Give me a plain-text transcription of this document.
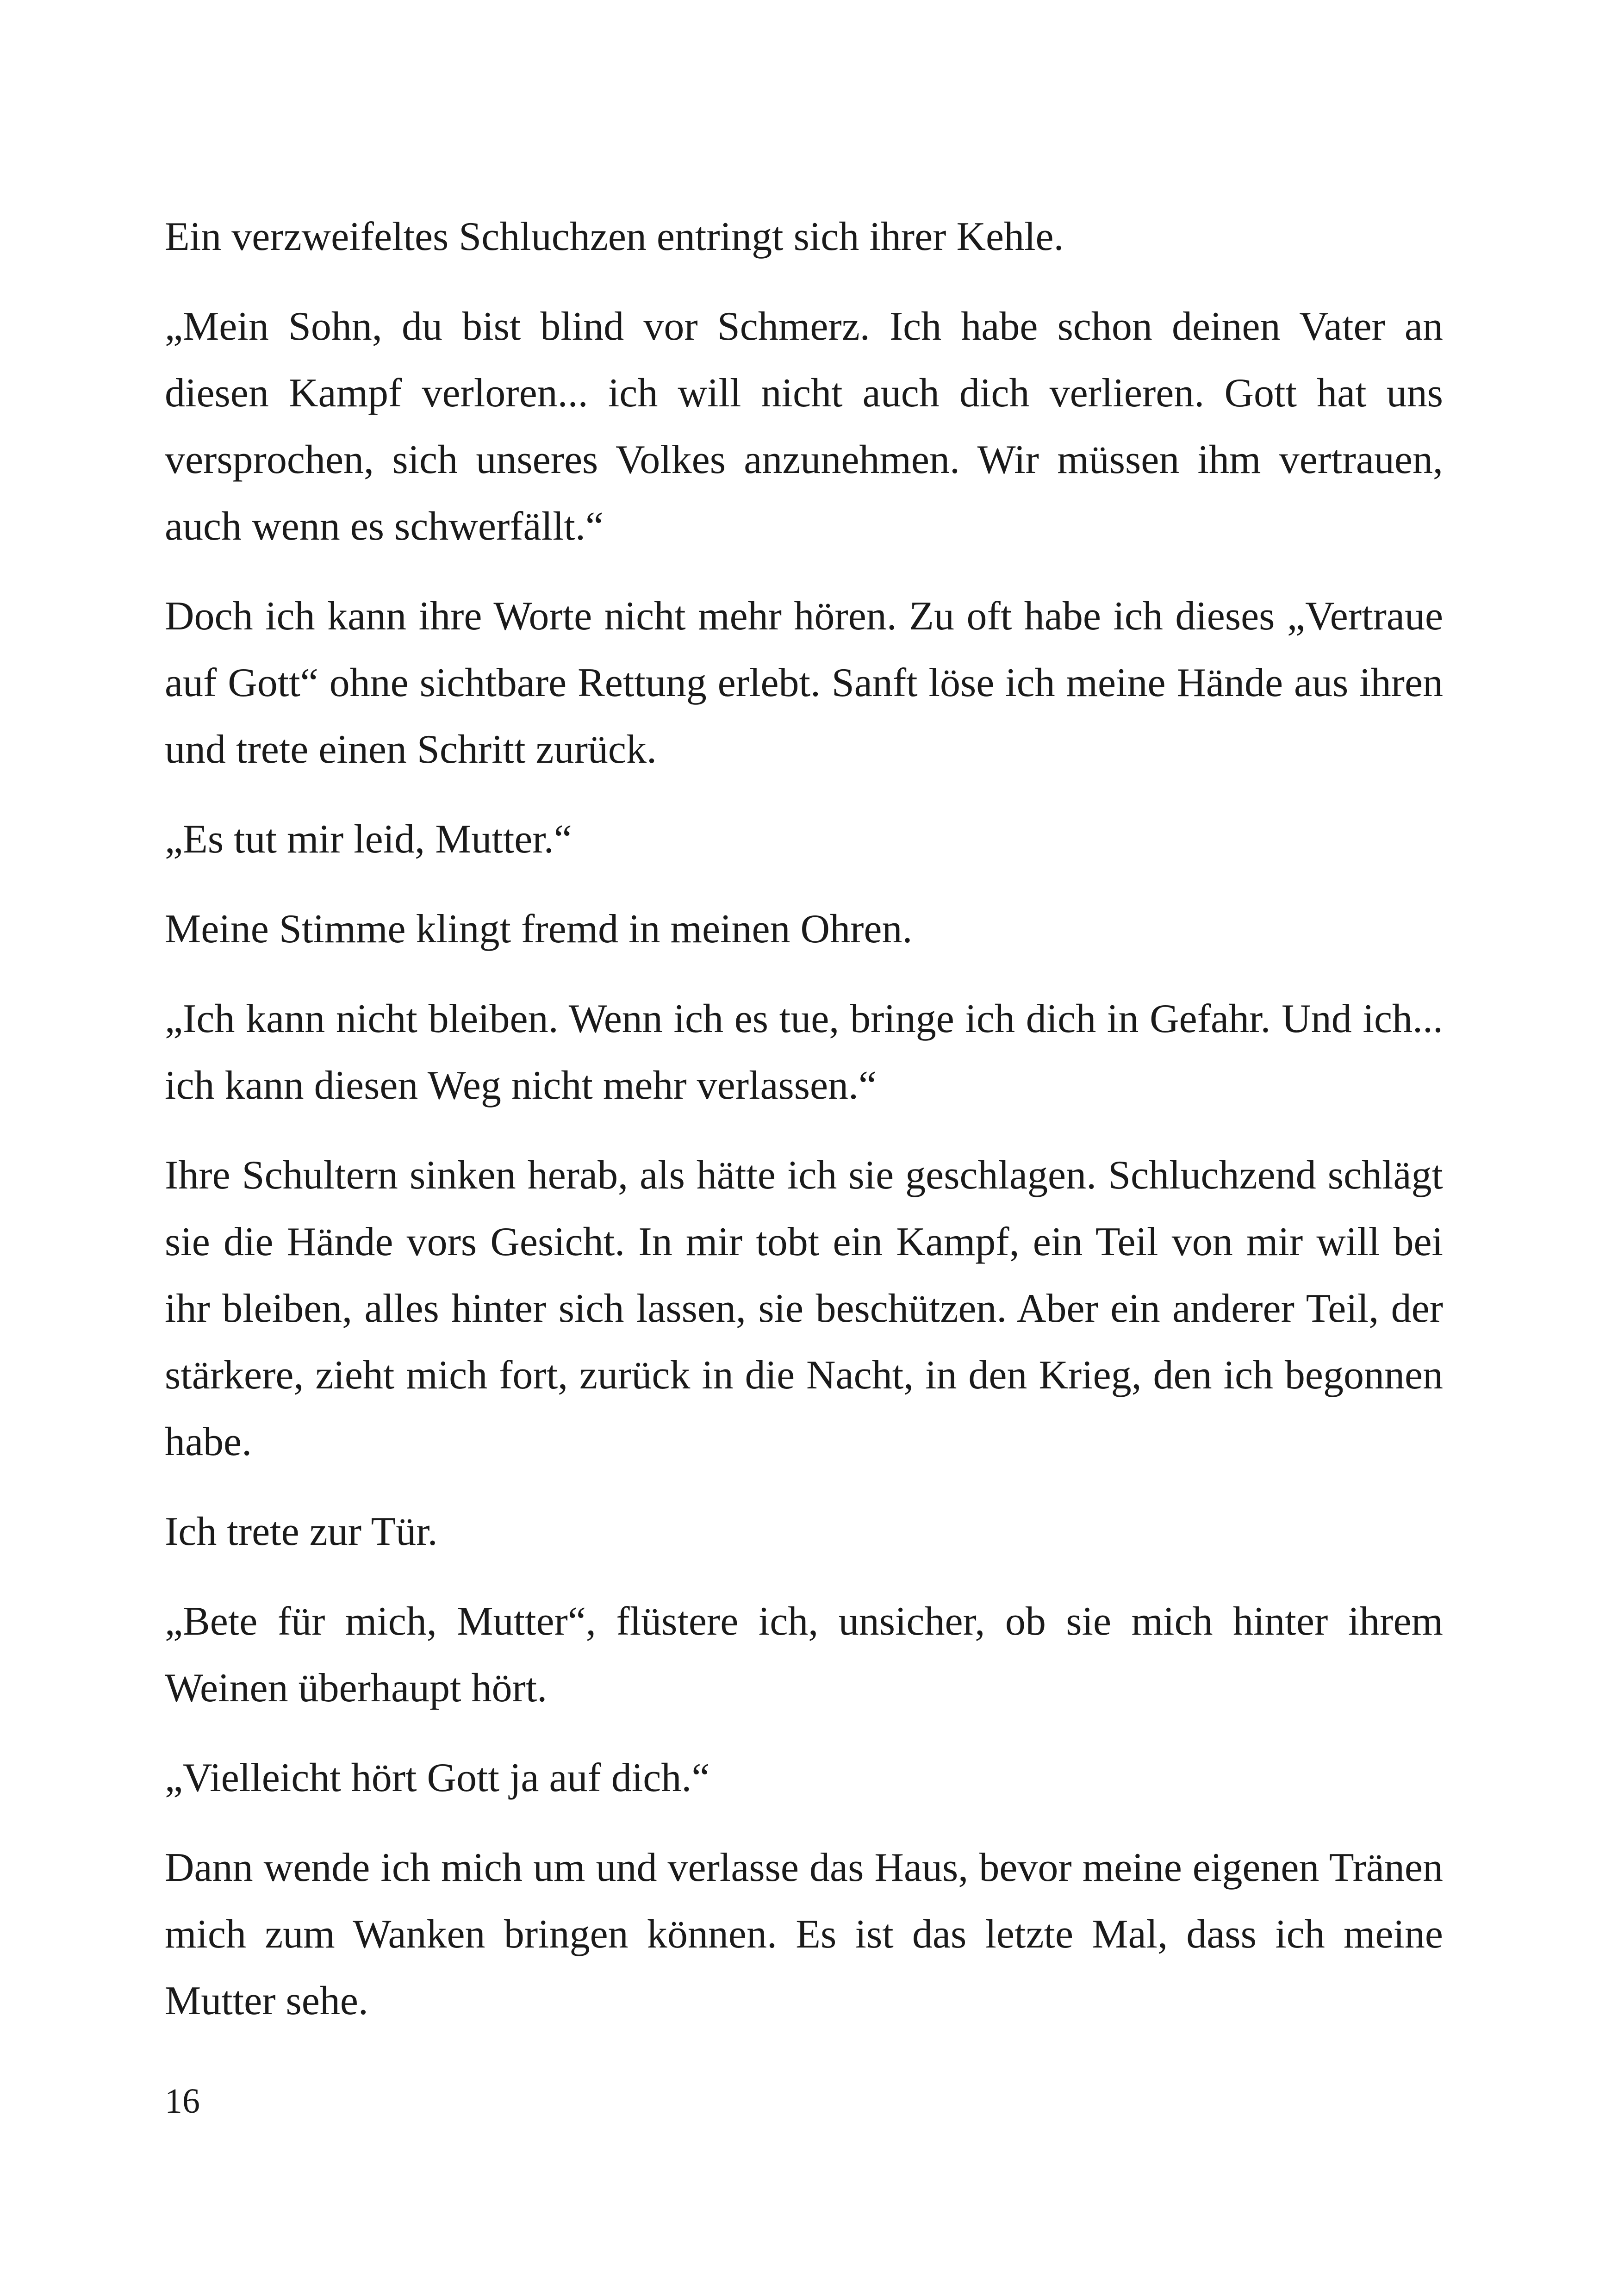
Ein verzweifeltes Schluchzen entringt sich ihrer Kehle.

„Mein Sohn, du bist blind vor Schmerz. Ich habe schon deinen Vater an diesen Kampf verloren... ich will nicht auch dich verlieren. Gott hat uns versprochen, sich unseres Volkes anzunehmen. Wir müssen ihm vertrauen, auch wenn es schwerfällt.“

Doch ich kann ihre Worte nicht mehr hören. Zu oft habe ich dieses „Vertraue auf Gott“ ohne sichtbare Rettung erlebt. Sanft löse ich meine Hände aus ihren und trete einen Schritt zurück.

„Es tut mir leid, Mutter.“

Meine Stimme klingt fremd in meinen Ohren.

„Ich kann nicht bleiben. Wenn ich es tue, bringe ich dich in Gefahr. Und ich... ich kann diesen Weg nicht mehr verlassen.“

Ihre Schultern sinken herab, als hätte ich sie geschlagen. Schluchzend schlägt sie die Hände vors Gesicht. In mir tobt ein Kampf, ein Teil von mir will bei ihr bleiben, alles hinter sich lassen, sie beschützen. Aber ein anderer Teil, der stärkere, zieht mich fort, zurück in die Nacht, in den Krieg, den ich begonnen habe.

Ich trete zur Tür.

„Bete für mich, Mutter“, flüstere ich, unsicher, ob sie mich hinter ihrem Weinen überhaupt hört.

„Vielleicht hört Gott ja auf dich.“

Dann wende ich mich um und verlasse das Haus, bevor meine eigenen Tränen mich zum Wanken bringen können. Es ist das letzte Mal, dass ich meine Mutter sehe.

16
